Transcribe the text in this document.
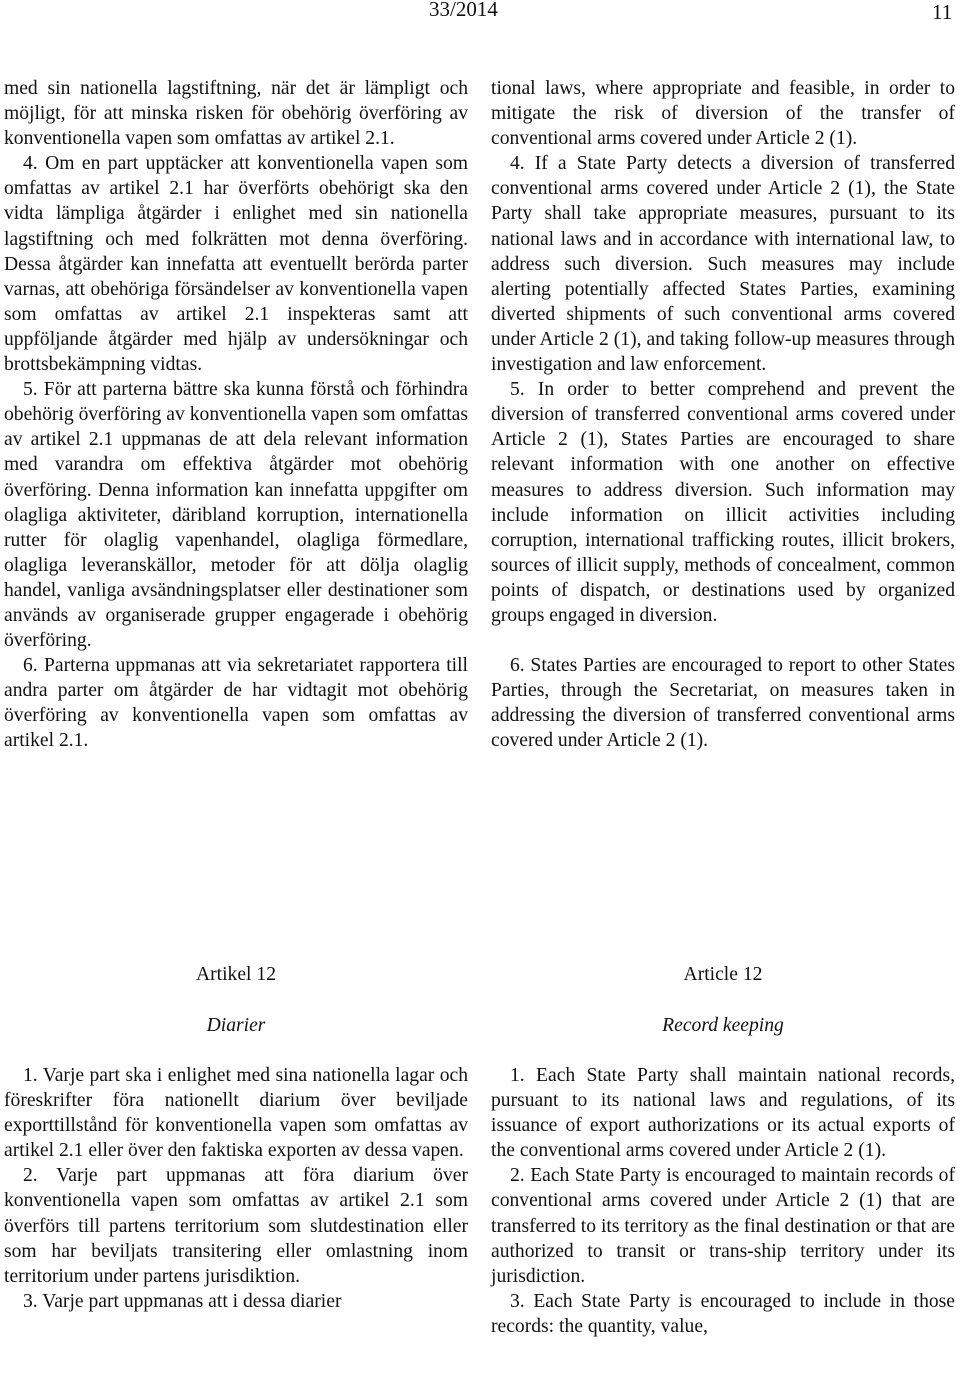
33/2014	11

med sin nationella lagstiftning, när det är lämpligt och möjligt, för att minska risken för obehörig överföring av konventionella vapen som omfattas av artikel 2.1.

4. Om en part upptäcker att konventionella vapen som omfattas av artikel 2.1 har överförts obehörigt ska den vidta lämpliga åtgärder i enlighet med sin nationella lagstiftning och med folkrätten mot denna överföring. Dessa åtgärder kan innefatta att eventuellt berörda parter varnas, att obehöriga försändelser av konventionella vapen som omfattas av artikel 2.1 inspekteras samt att uppföljande åtgärder med hjälp av undersökningar och brottsbekämpning vidtas.

5. För att parterna bättre ska kunna förstå och förhindra obehörig överföring av konventionella vapen som omfattas av artikel 2.1 uppmanas de att dela relevant information med varandra om effektiva åtgärder mot obehörig överföring. Denna information kan innefatta uppgifter om olagliga aktiviteter, däribland korruption, internationella rutter för olaglig vapenhandel, olagliga förmedlare, olagliga leveranskällor, metoder för att dölja olaglig handel, vanliga avsändningsplatser eller destinationer som används av organiserade grupper engagerade i obehörig överföring.

6. Parterna uppmanas att via sekretariatet rapportera till andra parter om åtgärder de har vidtagit mot obehörig överföring av konventionella vapen som omfattas av artikel 2.1.

tional laws, where appropriate and feasible, in order to mitigate the risk of diversion of the transfer of conventional arms covered under Article 2 (1).

4. If a State Party detects a diversion of transferred conventional arms covered under Article 2 (1), the State Party shall take appropriate measures, pursuant to its national laws and in accordance with international law, to address such diversion. Such measures may include alerting potentially affected States Parties, examining diverted shipments of such conventional arms covered under Article 2 (1), and taking follow-up measures through investigation and law enforcement.

5. In order to better comprehend and prevent the diversion of transferred conventional arms covered under Article 2 (1), States Parties are encouraged to share relevant information with one another on effective measures to address diversion. Such information may include information on illicit activities including corruption, international trafficking routes, illicit brokers, sources of illicit supply, methods of concealment, common points of dispatch, or destinations used by organized groups engaged in diversion.

6. States Parties are encouraged to report to other States Parties, through the Secretariat, on measures taken in addressing the diversion of transferred conventional arms covered under Article 2 (1).

Artikel 12
Diarier
Article 12
Record keeping

1. Varje part ska i enlighet med sina nationella lagar och föreskrifter föra nationellt diarium över beviljade exporttillstånd för konventionella vapen som omfattas av artikel 2.1 eller över den faktiska exporten av dessa vapen.

2. Varje part uppmanas att föra diarium över konventionella vapen som omfattas av artikel 2.1 som överförs till partens territorium som slutdestination eller som har beviljats transitering eller omlastning inom territorium under partens jurisdiktion.

3. Varje part uppmanas att i dessa diarier

1. Each State Party shall maintain national records, pursuant to its national laws and regulations, of its issuance of export authorizations or its actual exports of the conventional arms covered under Article 2 (1).

2. Each State Party is encouraged to maintain records of conventional arms covered under Article 2 (1) that are transferred to its territory as the final destination or that are authorized to transit or trans-ship territory under its jurisdiction.

3. Each State Party is encouraged to include in those records: the quantity, value,
